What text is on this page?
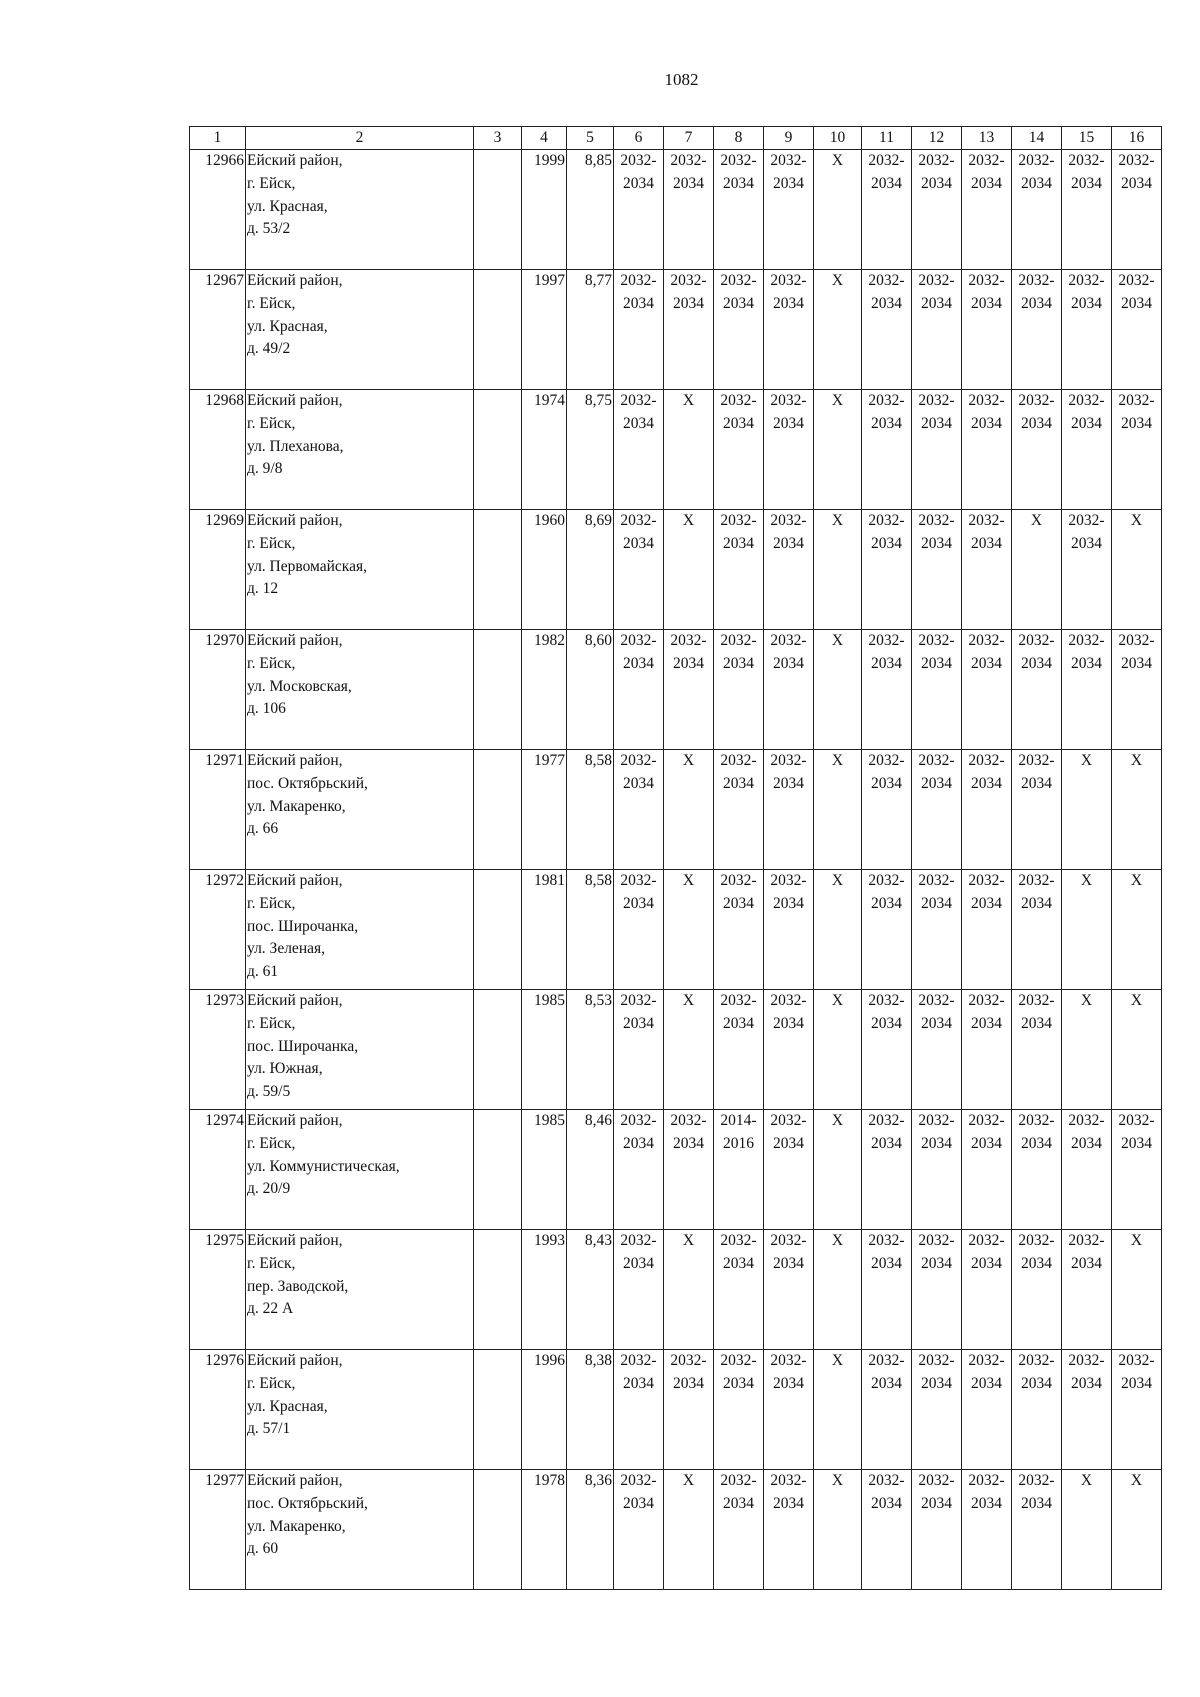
1082
1	2	3	4	5	6	7	8	9	10	11	12	13	14	15	16
12966	Ейский район,
г. Ейск,
ул. Красная,
д. 53/2		1999	8,85	2032-
2034	2032-
2034	2032-
2034	2032-
2034	X	2032-
2034	2032-
2034	2032-
2034	2032-
2034	2032-
2034	2032-
2034
12967	Ейский район,
г. Ейск,
ул. Красная,
д. 49/2		1997	8,77	2032-
2034	2032-
2034	2032-
2034	2032-
2034	X	2032-
2034	2032-
2034	2032-
2034	2032-
2034	2032-
2034	2032-
2034
12968	Ейский район,
г. Ейск,
ул. Плеханова,
д. 9/8		1974	8,75	2032-
2034	X	2032-
2034	2032-
2034	X	2032-
2034	2032-
2034	2032-
2034	2032-
2034	2032-
2034	2032-
2034
12969	Ейский район,
г. Ейск,
ул. Первомайская,
д. 12		1960	8,69	2032-
2034	X	2032-
2034	2032-
2034	X	2032-
2034	2032-
2034	2032-
2034	X	2032-
2034	X
12970	Ейский район,
г. Ейск,
ул. Московская,
д. 106		1982	8,60	2032-
2034	2032-
2034	2032-
2034	2032-
2034	X	2032-
2034	2032-
2034	2032-
2034	2032-
2034	2032-
2034	2032-
2034
12971	Ейский район,
пос. Октябрьский,
ул. Макаренко,
д. 66		1977	8,58	2032-
2034	X	2032-
2034	2032-
2034	X	2032-
2034	2032-
2034	2032-
2034	2032-
2034	X	X
12972	Ейский район,
г. Ейск,
пос. Широчанка,
ул. Зеленая,
д. 61		1981	8,58	2032-
2034	X	2032-
2034	2032-
2034	X	2032-
2034	2032-
2034	2032-
2034	2032-
2034	X	X
12973	Ейский район,
г. Ейск,
пос. Широчанка,
ул. Южная,
д. 59/5		1985	8,53	2032-
2034	X	2032-
2034	2032-
2034	X	2032-
2034	2032-
2034	2032-
2034	2032-
2034	X	X
12974	Ейский район,
г. Ейск,
ул. Коммунистическая,
д. 20/9		1985	8,46	2032-
2034	2032-
2034	2014-
2016	2032-
2034	X	2032-
2034	2032-
2034	2032-
2034	2032-
2034	2032-
2034	2032-
2034
12975	Ейский район,
г. Ейск,
пер. Заводской,
д. 22 А		1993	8,43	2032-
2034	X	2032-
2034	2032-
2034	X	2032-
2034	2032-
2034	2032-
2034	2032-
2034	2032-
2034	X
12976	Ейский район,
г. Ейск,
ул. Красная,
д. 57/1		1996	8,38	2032-
2034	2032-
2034	2032-
2034	2032-
2034	X	2032-
2034	2032-
2034	2032-
2034	2032-
2034	2032-
2034	2032-
2034
12977	Ейский район,
пос. Октябрьский,
ул. Макаренко,
д. 60		1978	8,36	2032-
2034	X	2032-
2034	2032-
2034	X	2032-
2034	2032-
2034	2032-
2034	2032-
2034	X	X
